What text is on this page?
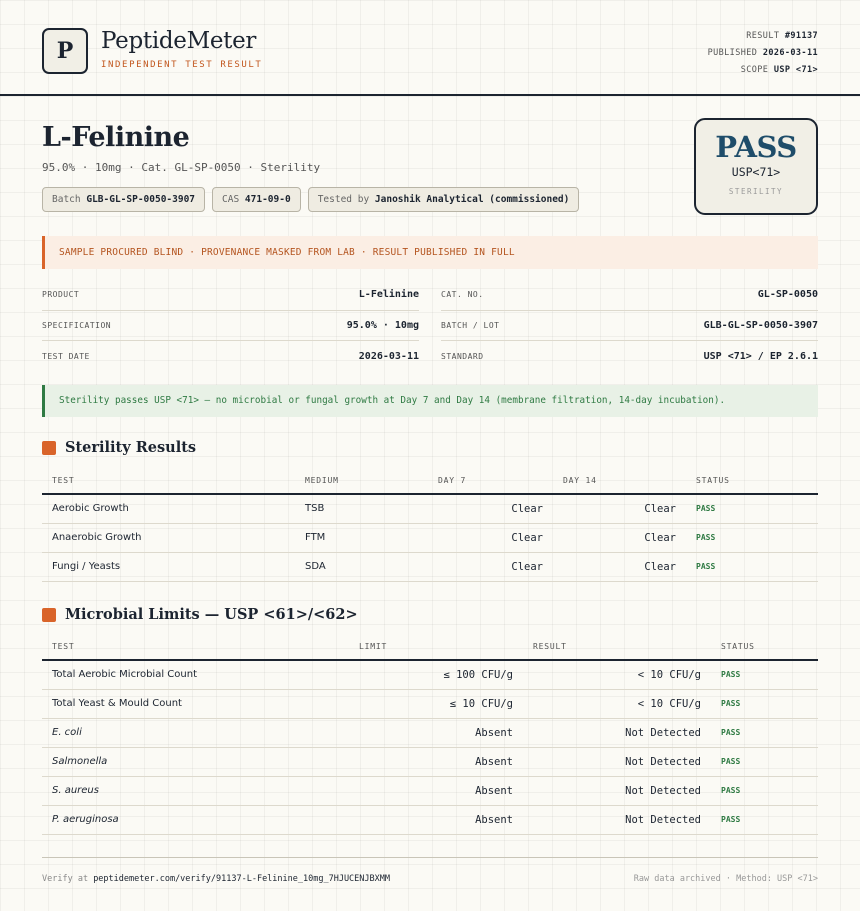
P	PeptideMeter
INDEPENDENT TEST RESULT
RESULT #91137
PUBLISHED 2026-03-11
SCOPE USP <71>
L-Felinine
95.0% · 10mg · Cat. GL-SP-0050 · Sterility
Batch GLB-GL-SP-0050-3907	CAS 471-09-0	Tested by Janoshik Analytical (commissioned)
PASS
USP<71>
STERILITY
SAMPLE PROCURED BLIND · PROVENANCE MASKED FROM LAB · RESULT PUBLISHED IN FULL
PRODUCT	L-Felinine
SPECIFICATION	95.0% · 10mg
TEST DATE	2026-03-11
CAT. NO.	GL-SP-0050
BATCH / LOT	GLB-GL-SP-0050-3907
STANDARD	USP <71> / EP 2.6.1
Sterility passes USP <71> — no microbial or fungal growth at Day 7 and Day 14 (membrane filtration, 14-day incubation).
Sterility Results
TEST	MEDIUM	DAY 7	DAY 14	STATUS
Aerobic Growth	TSB	Clear	Clear	PASS
Anaerobic Growth	FTM	Clear	Clear	PASS
Fungi / Yeasts	SDA	Clear	Clear	PASS
Microbial Limits — USP <61>/<62>
TEST	LIMIT	RESULT	STATUS
Total Aerobic Microbial Count	≤ 100 CFU/g	< 10 CFU/g	PASS
Total Yeast & Mould Count	≤ 10 CFU/g	< 10 CFU/g	PASS
E. coli	Absent	Not Detected	PASS
Salmonella	Absent	Not Detected	PASS
S. aureus	Absent	Not Detected	PASS
P. aeruginosa	Absent	Not Detected	PASS
Verify at peptidemeter.com/verify/91137-L-Felinine_10mg_7HJUCENJBXMM	Raw data archived · Method: USP <71>
